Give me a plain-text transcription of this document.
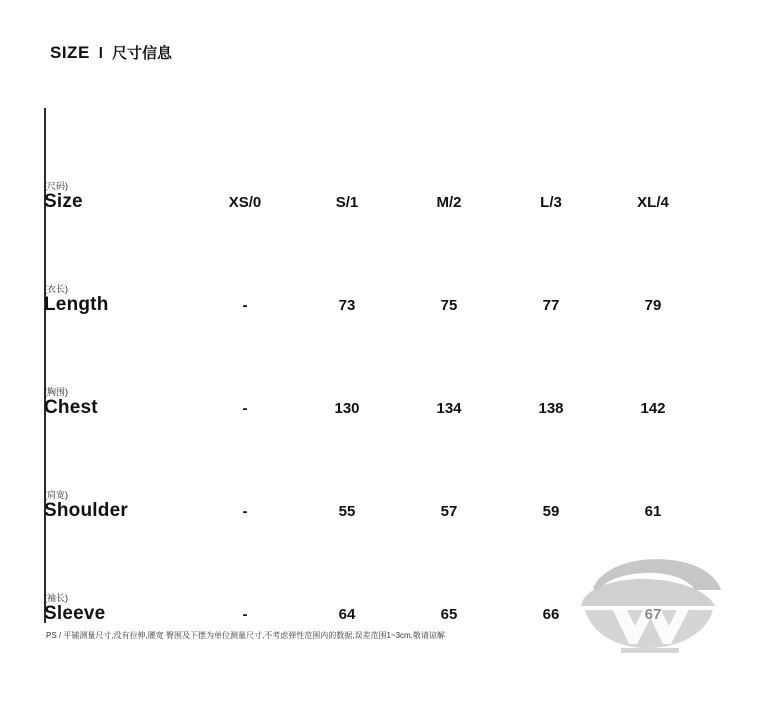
SIZE l 尺寸信息
(尺码)
Size	XS/0	S/1	M/2	L/3	XL/4

(衣长)
Length	-	73	75	77	79

(胸围)
Chest	-	130	134	138	142

(肩宽)
Shoulder	-	55	57	59	61

(袖长)
Sleeve	-	64	65	66	67
PS / 平铺测量尺寸,没有拉伸,腰宽 臀围及下摆为单位测量尺寸,不考虑弹性范围内的数据,误差范围1~3cm,敬请谅解
